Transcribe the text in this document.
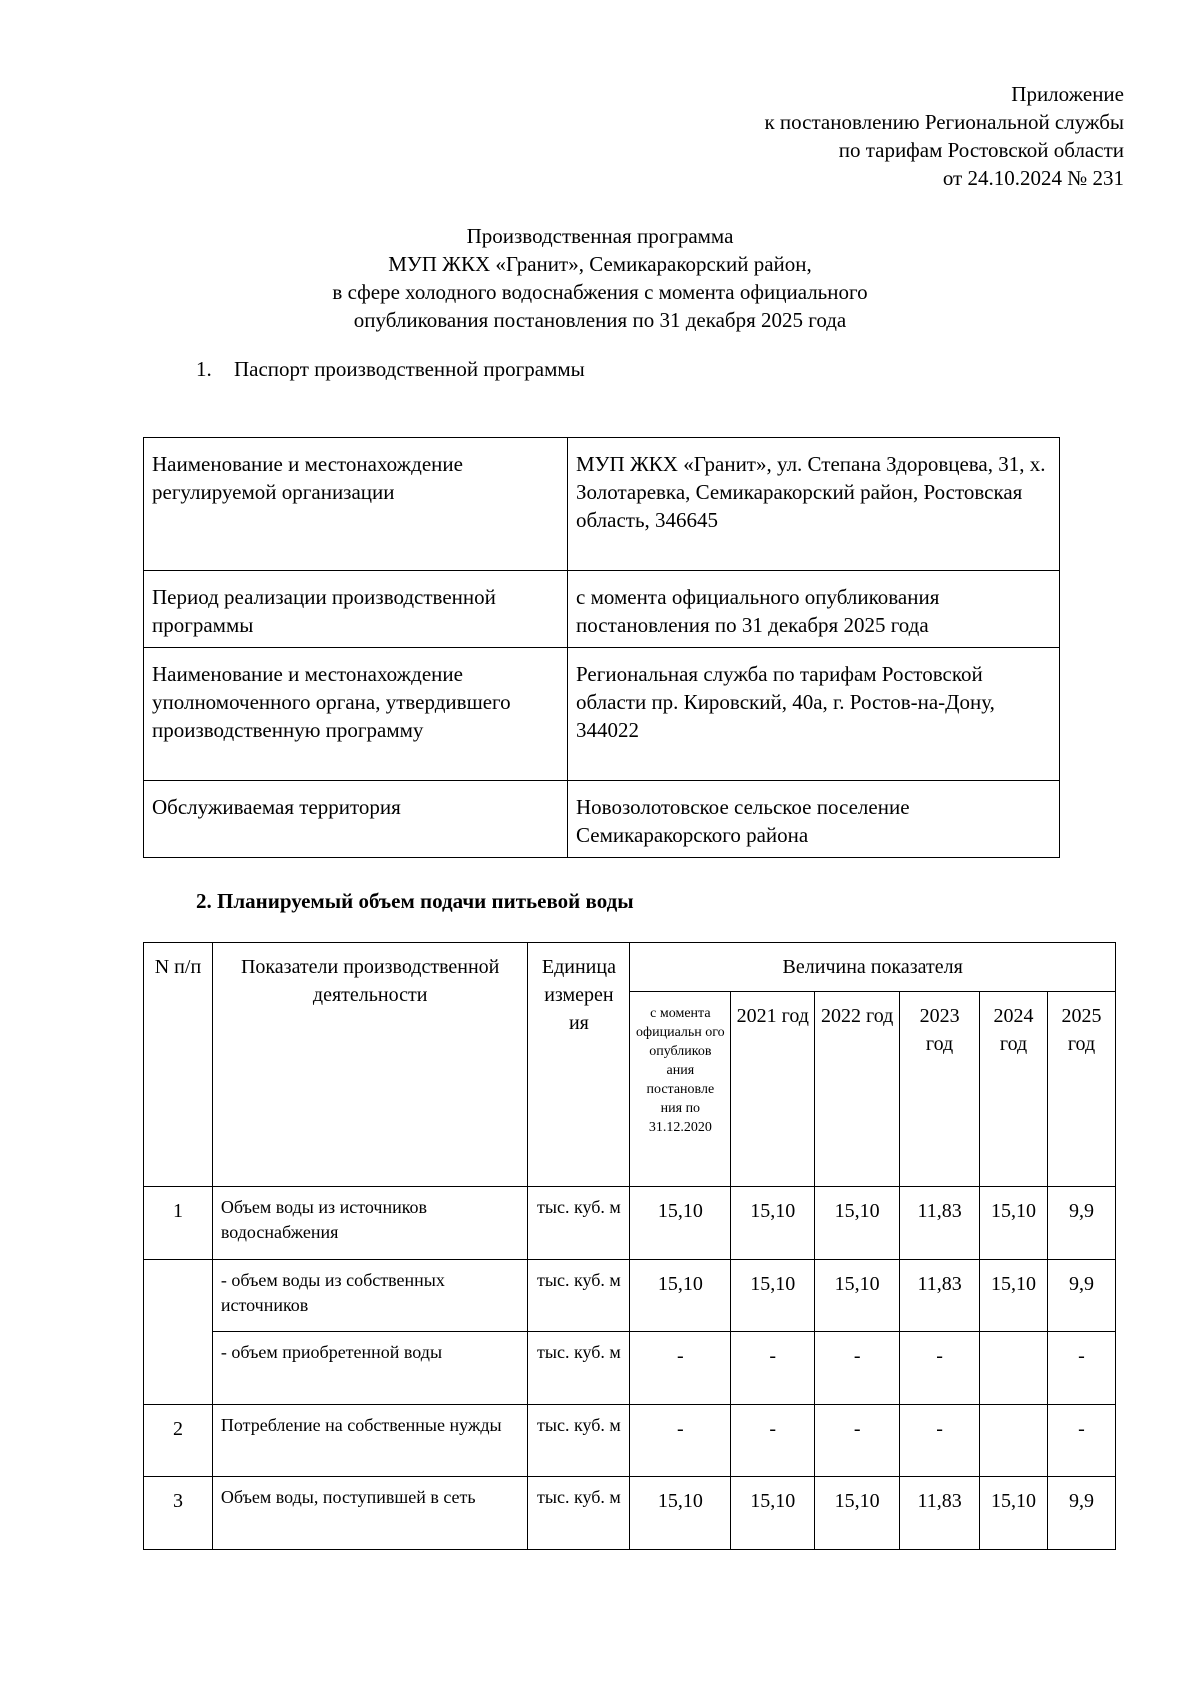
Приложение
к постановлению Региональной службы
по тарифам Ростовской области
от 24.10.2024 № 231
Производственная программа
МУП ЖКХ «Гранит», Семикаракорский район,
в сфере холодного водоснабжения с момента официального
опубликования постановления по 31 декабря 2025 года
1. Паспорт производственной программы
Наименование и местонахождение регулируемой организации	МУП ЖКХ «Гранит», ул. Степана Здоровцева, 31, х. Золотаревка, Семикаракорский район, Ростовская область, 346645
Период реализации производственной программы	с момента официального опубликования постановления по 31 декабря 2025 года
Наименование и местонахождение уполномоченного органа, утвердившего производственную программу	Региональная служба по тарифам Ростовской области пр. Кировский, 40а, г. Ростов-на-Дону, 344022
Обслуживаемая территория	Новозолотовское сельское поселение Семикаракорского района
2. Планируемый объем подачи питьевой воды
N п/п	Показатели производственной деятельности	Единица измерен ия	Величина показателя					
			с момента официальн ого опубликов ания постановле ния по 31.12.2020	2021 год	2022 год	2023 год	2024 год	2025 год
1	Объем воды из источников водоснабжения	тыс. куб. м	15,10	15,10	15,10	11,83	15,10	9,9
	- объем воды из собственных источников	тыс. куб. м	15,10	15,10	15,10	11,83	15,10	9,9
	- объем приобретенной воды	тыс. куб. м	-	-	-	-		-
2	Потребление на собственные нужды	тыс. куб. м	-	-	-	-		-
3	Объем воды, поступившей в сеть	тыс. куб. м	15,10	15,10	15,10	11,83	15,10	9,9
